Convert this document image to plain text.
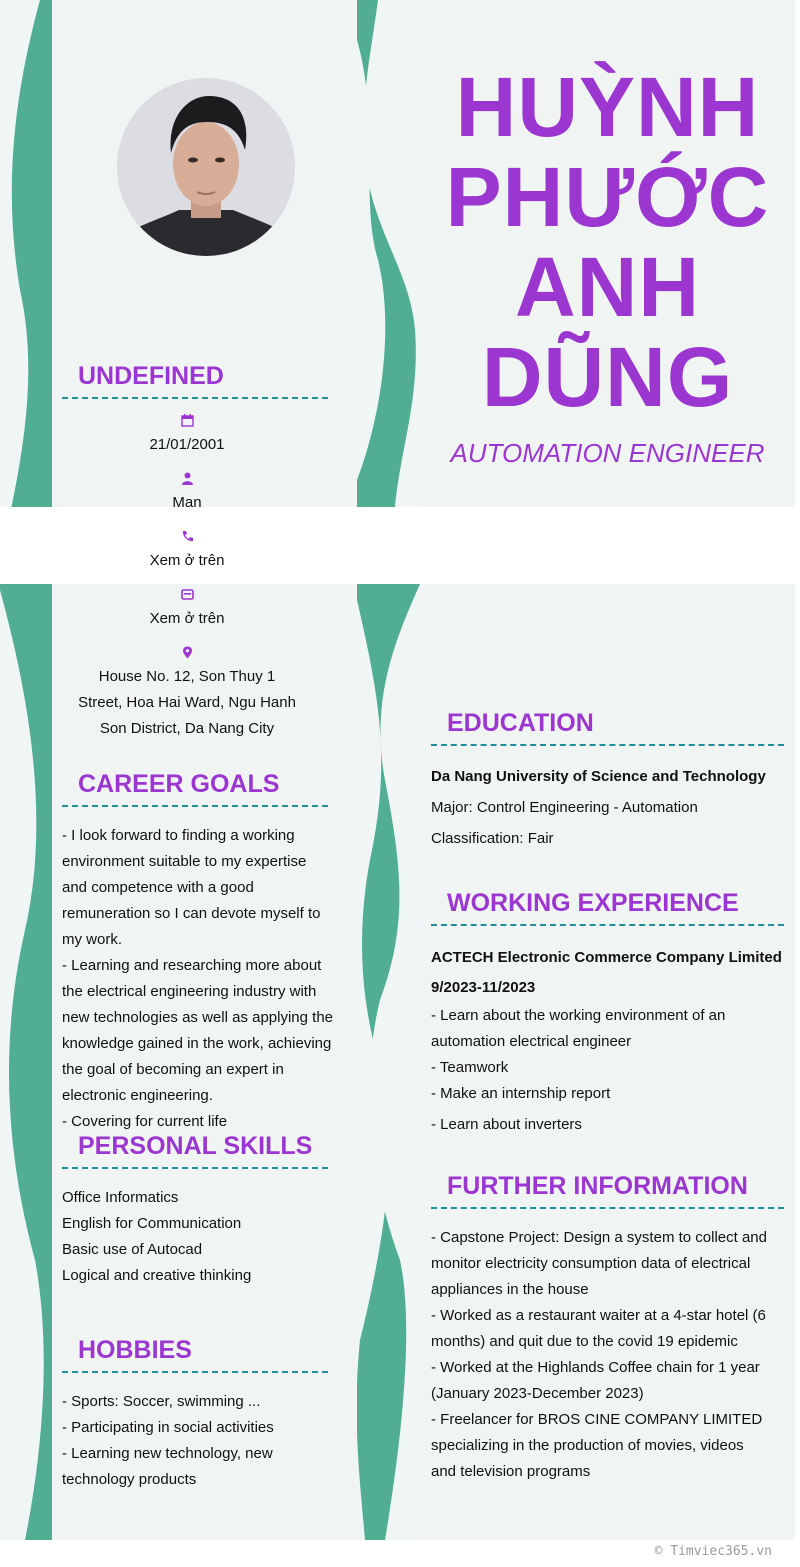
HUỲNH
PHƯỚC
ANH
DŨNG
AUTOMATION ENGINEER
UNDEFINED
21/01/2001
Man
Xem ở trên
Xem ở trên
House No. 12, Son Thuy 1 Street, Hoa Hai Ward, Ngu Hanh Son District, Da Nang City
CAREER GOALS

- I look forward to finding a working environment suitable to my expertise and competence with a good remuneration so I can devote myself to my work.

- Learning and researching more about the electrical engineering industry with new technologies as well as applying the knowledge gained in the work, achieving the goal of becoming an expert in electronic engineering.

- Covering for current life

PERSONAL SKILLS

Office Informatics

English for Communication

Basic use of Autocad

Logical and creative thinking

HOBBIES

- Sports: Soccer, swimming ...

- Participating in social activities

- Learning new technology, new technology products

EDUCATION

Da Nang University of Science and Technology

Major: Control Engineering - Automation

Classification: Fair

WORKING EXPERIENCE

ACTECH Electronic Commerce Company Limited

9/2023-11/2023

- Learn about the working environment of an automation electrical engineer

- Teamwork

- Make an internship report

- Learn about inverters

FURTHER INFORMATION

- Capstone Project: Design a system to collect and monitor electricity consumption data of electrical appliances in the house

- Worked as a restaurant waiter at a 4-star hotel (6 months) and quit due to the covid 19 epidemic

- Worked at the Highlands Coffee chain for 1 year (January 2023-December 2023)

- Freelancer for BROS CINE COMPANY LIMITED specializing in the production of movies, videos and television programs

© Timviec365.vn
